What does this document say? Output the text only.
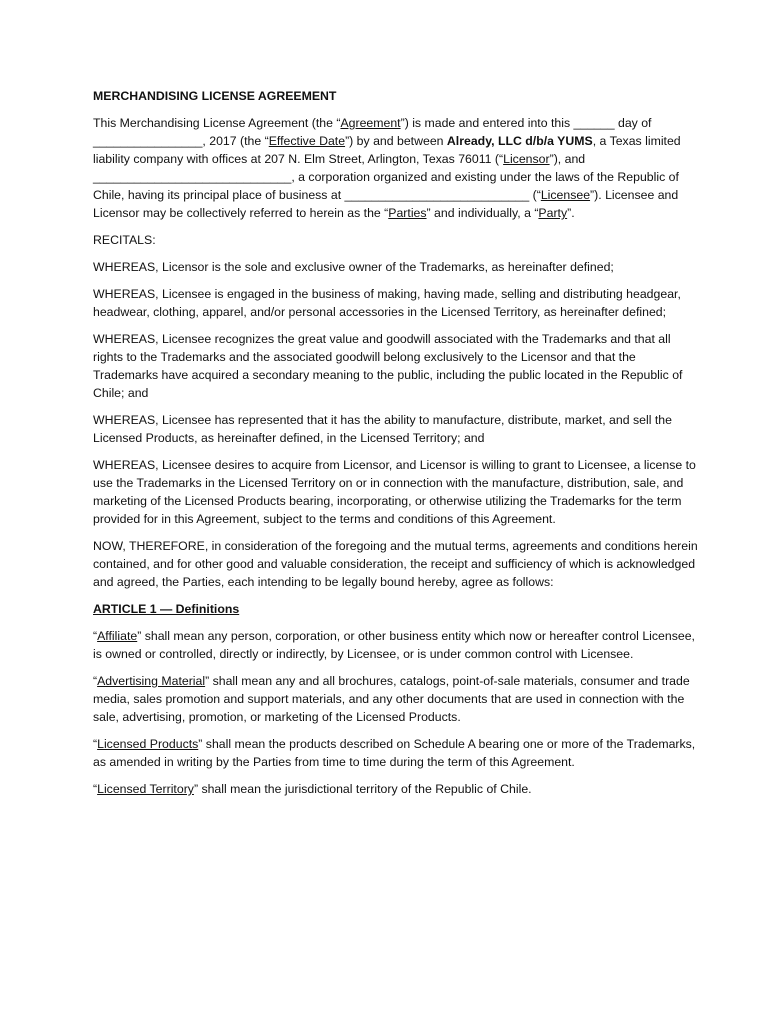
MERCHANDISING LICENSE AGREEMENT

This Merchandising License Agreement (the “Agreement”) is made and entered into this ______ day of ________________, 2017 (the “Effective Date”) by and between Already, LLC d/b/a YUMS, a Texas limited liability company with offices at 207 N. Elm Street, Arlington, Texas 76011 (“Licensor”), and _____________________________, a corporation organized and existing under the laws of the Republic of Chile, having its principal place of business at ___________________________ (“Licensee”). Licensee and Licensor may be collectively referred to herein as the “Parties” and individually, a “Party”.

RECITALS:

WHEREAS, Licensor is the sole and exclusive owner of the Trademarks, as hereinafter defined;

WHEREAS, Licensee is engaged in the business of making, having made, selling and distributing headgear, headwear, clothing, apparel, and/or personal accessories in the Licensed Territory, as hereinafter defined;

WHEREAS, Licensee recognizes the great value and goodwill associated with the Trademarks and that all rights to the Trademarks and the associated goodwill belong exclusively to the Licensor and that the Trademarks have acquired a secondary meaning to the public, including the public located in the Republic of Chile; and

WHEREAS, Licensee has represented that it has the ability to manufacture, distribute, market, and sell the Licensed Products, as hereinafter defined, in the Licensed Territory; and

WHEREAS, Licensee desires to acquire from Licensor, and Licensor is willing to grant to Licensee, a license to use the Trademarks in the Licensed Territory on or in connection with the manufacture, distribution, sale, and marketing of the Licensed Products bearing, incorporating, or otherwise utilizing the Trademarks for the term provided for in this Agreement, subject to the terms and conditions of this Agreement.

NOW, THEREFORE, in consideration of the foregoing and the mutual terms, agreements and conditions herein contained, and for other good and valuable consideration, the receipt and sufficiency of which is acknowledged and agreed, the Parties, each intending to be legally bound hereby, agree as follows:

ARTICLE 1 — Definitions

“Affiliate” shall mean any person, corporation, or other business entity which now or hereafter control Licensee, is owned or controlled, directly or indirectly, by Licensee, or is under common control with Licensee.

“Advertising Material” shall mean any and all brochures, catalogs, point-of-sale materials, consumer and trade media, sales promotion and support materials, and any other documents that are used in connection with the sale, advertising, promotion, or marketing of the Licensed Products.

“Licensed Products” shall mean the products described on Schedule A bearing one or more of the Trademarks, as amended in writing by the Parties from time to time during the term of this Agreement.

“Licensed Territory” shall mean the jurisdictional territory of the Republic of Chile.
